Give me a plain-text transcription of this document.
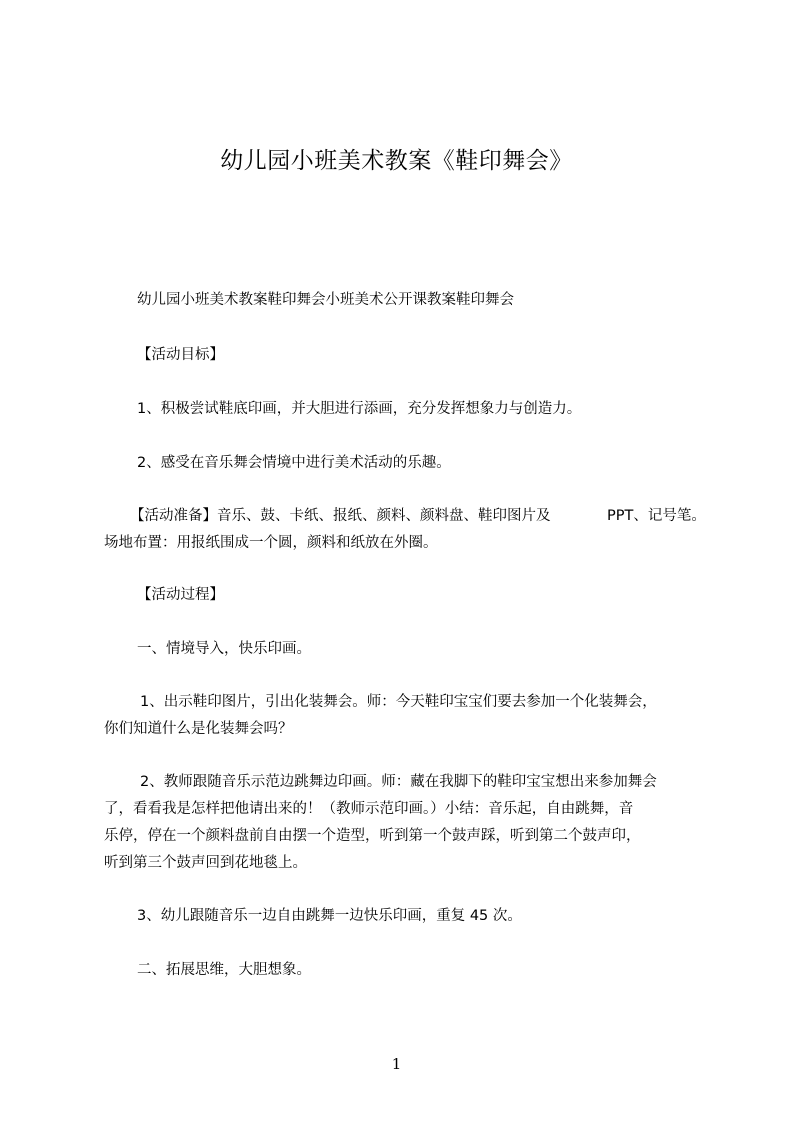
幼儿园小班美术教案《鞋印舞会》
幼儿园小班美术教案鞋印舞会小班美术公开课教案鞋印舞会
【活动目标】
1、积极尝试鞋底印画，并大胆进行添画，充分发挥想象力与创造力。
2、感受在音乐舞会情境中进行美术活动的乐趣。
【活动准备】音乐、鼓、卡纸、报纸、颜料、颜料盘、鞋印图片及	PPT、记号笔。
场地布置：用报纸围成一个圆，颜料和纸放在外圈。
【活动过程】
一、情境导入，快乐印画。
1、出示鞋印图片，引出化装舞会。师：今天鞋印宝宝们要去参加一个化装舞会，
你们知道什么是化装舞会吗？
2、教师跟随音乐示范边跳舞边印画。师：藏在我脚下的鞋印宝宝想出来参加舞会
了，看看我是怎样把他请出来的！（教师示范印画。）小结：音乐起，自由跳舞，音
乐停，停在一个颜料盘前自由摆一个造型，听到第一个鼓声踩，听到第二个鼓声印，
听到第三个鼓声回到花地毯上。
3、幼儿跟随音乐一边自由跳舞一边快乐印画，重复 45 次。
二、拓展思维，大胆想象。
1
